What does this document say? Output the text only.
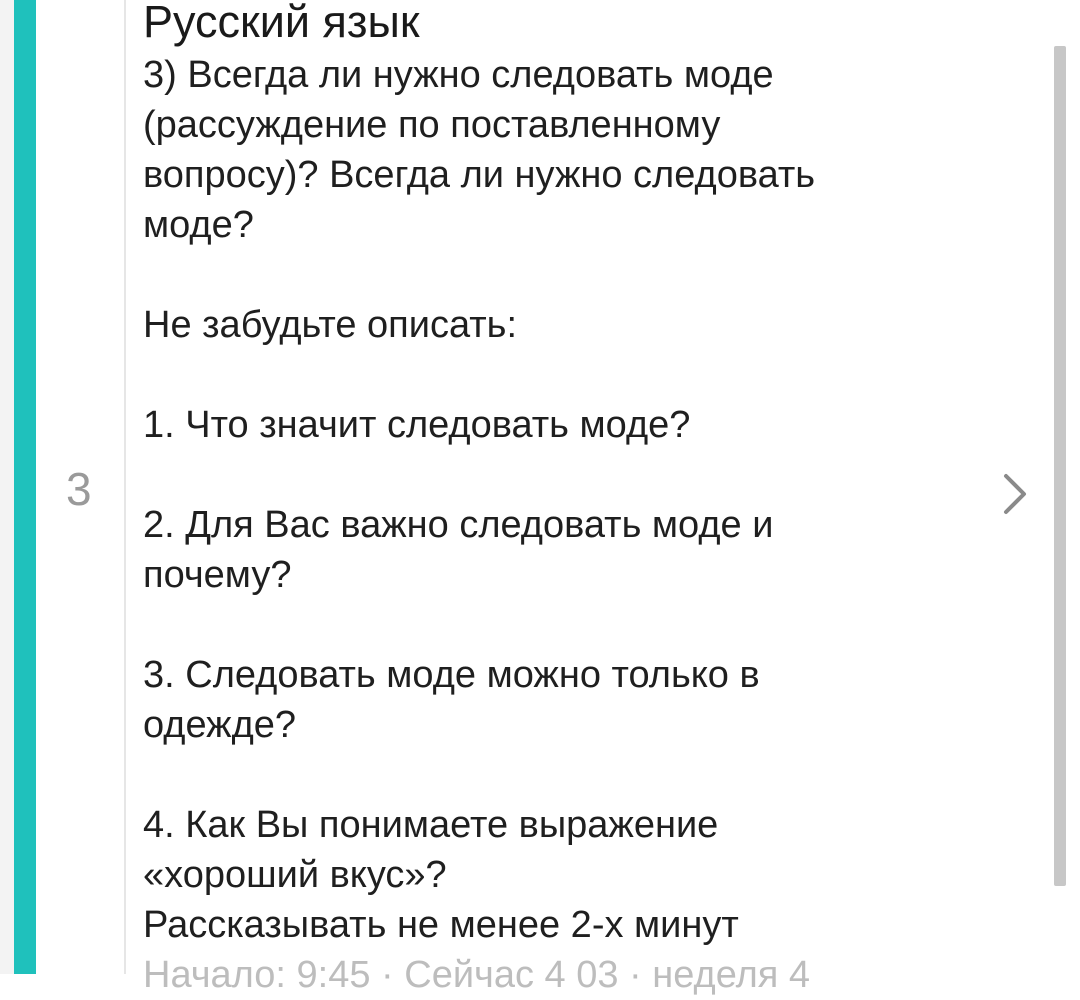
3

Русский язык

3) Всегда ли нужно следовать моде
(рассуждение по поставленному
вопросу)? Всегда ли нужно следовать
моде?

Не забудьте описать:

1. Что значит следовать моде?

2. Для Вас важно следовать моде и
почему?

3. Следовать моде можно только в
одежде?

4. Как Вы понимаете выражение
«хороший вкус»?
Рассказывать не менее 2-х минут

Начало: 9:45 · Сейчас 4 03 · неделя 4
